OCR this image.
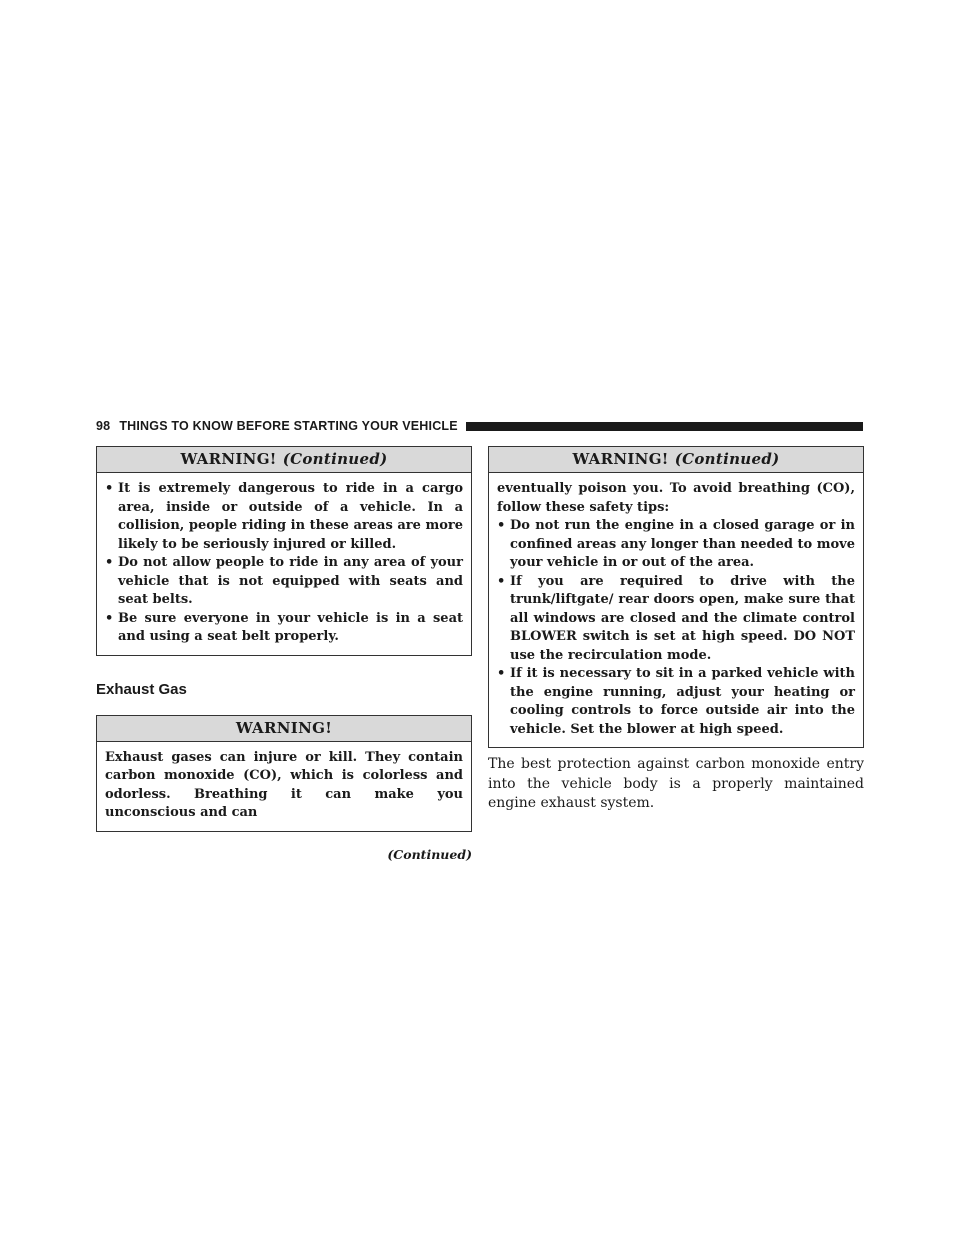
98 THINGS TO KNOW BEFORE STARTING YOUR VEHICLE
WARNING! (Continued)
• It is extremely dangerous to ride in a cargo area, inside or outside of a vehicle. In a collision, people riding in these areas are more likely to be seriously injured or killed.
• Do not allow people to ride in any area of your vehicle that is not equipped with seats and seat belts.
• Be sure everyone in your vehicle is in a seat and using a seat belt properly.
Exhaust Gas
WARNING!

Exhaust gases can injure or kill. They contain carbon monoxide (CO), which is colorless and odorless. Breathing it can make you unconscious and can

(Continued)
WARNING! (Continued)

eventually poison you. To avoid breathing (CO), follow these safety tips:

• Do not run the engine in a closed garage or in confined areas any longer than needed to move your vehicle in or out of the area.
• If you are required to drive with the trunk/liftgate/ rear doors open, make sure that all windows are closed and the climate control BLOWER switch is set at high speed. DO NOT use the recirculation mode.
• If it is necessary to sit in a parked vehicle with the engine running, adjust your heating or cooling controls to force outside air into the vehicle. Set the blower at high speed.

The best protection against carbon monoxide entry into the vehicle body is a properly maintained engine exhaust system.
